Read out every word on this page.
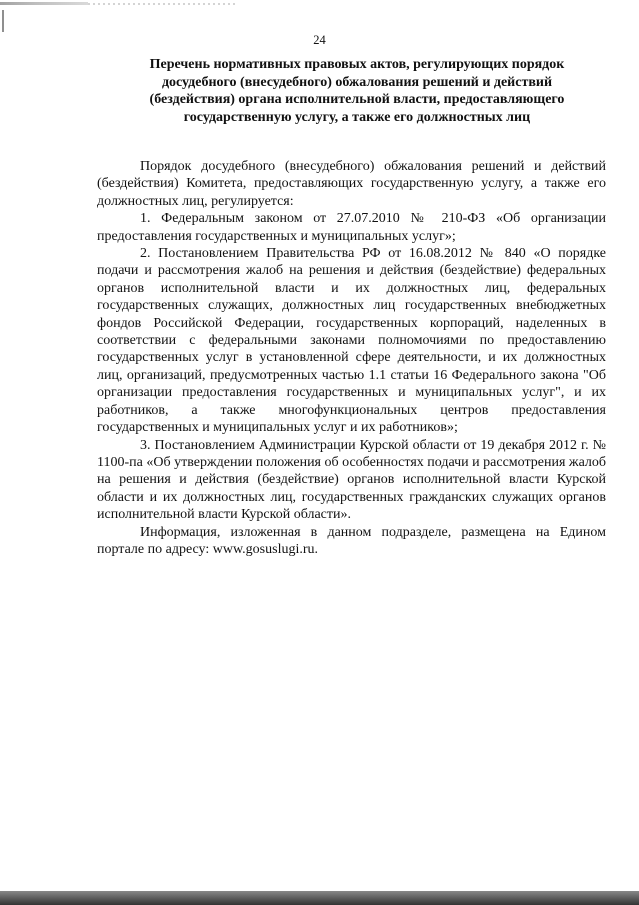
24
Перечень нормативных правовых актов, регулирующих порядок досудебного (внесудебного) обжалования решений и действий (бездействия) органа исполнительной власти, предоставляющего государственную услугу, а также его должностных лиц

Порядок досудебного (внесудебного) обжалования решений и действий (бездействия) Комитета, предоставляющих государственную услугу, а также его должностных лиц, регулируется:

1. Федеральным законом от 27.07.2010 № 210-ФЗ «Об организации предоставления государственных и муниципальных услуг»;

2. Постановлением Правительства РФ от 16.08.2012 № 840 «О порядке подачи и рассмотрения жалоб на решения и действия (бездействие) федеральных органов исполнительной власти и их должностных лиц, федеральных государственных служащих, должностных лиц государственных внебюджетных фондов Российской Федерации, государственных корпораций, наделенных в соответствии с федеральными законами полномочиями по предоставлению государственных услуг в установленной сфере деятельности, и их должностных лиц, организаций, предусмотренных частью 1.1 статьи 16 Федерального закона "Об организации предоставления государственных и муниципальных услуг", и их работников, а также многофункциональных центров предоставления государственных и муниципальных услуг и их работников»;

3. Постановлением Администрации Курской области от 19 декабря 2012 г. № 1100-па «Об утверждении положения об особенностях подачи и рассмотрения жалоб на решения и действия (бездействие) органов исполнительной власти Курской области и их должностных лиц, государственных гражданских служащих органов исполнительной власти Курской области».

Информация, изложенная в данном подразделе, размещена на Едином портале по адресу: www.gosuslugi.ru.
